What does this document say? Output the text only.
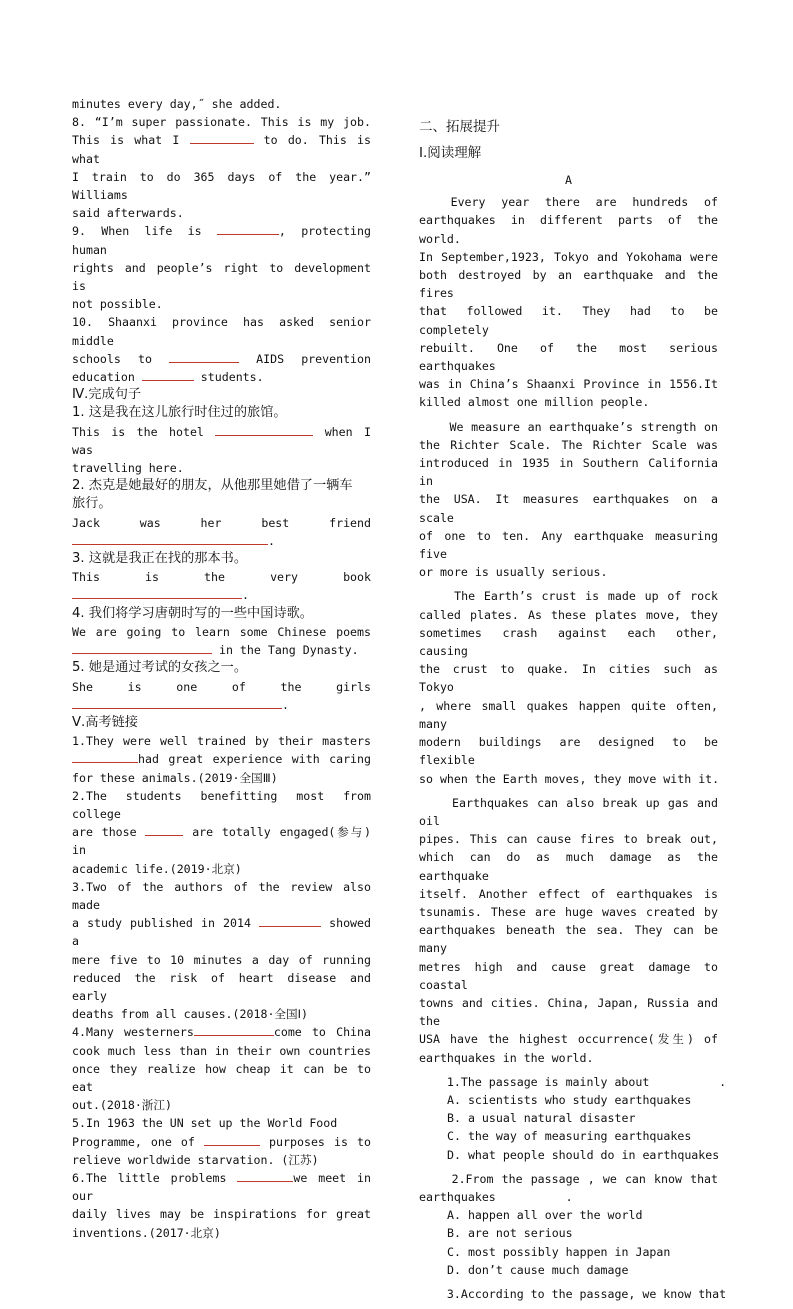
minutes every day,˝ she added.
8. “I’m super passionate. This is my job.
This is what I	to do. This is what
I train to do 365 days of the year.” Williams
said afterwards.
9. When life is	, protecting human
rights and people’s right to development is
not possible.
10. Shaanxi province has asked senior middle
schools to	AIDS prevention
education	students.
Ⅳ.完成句子
1. 这是我在这儿旅行时住过的旅馆。
This is the hotel	when I was
travelling here.
2. 杰克是她最好的朋友，从他那里她借了一辆车
旅行。
Jack was her best friend
.
3. 这就是我正在找的那本书。
This is the very book
.
4. 我们将学习唐朝时写的一些中国诗歌。
We are going to learn some Chinese poems
in the Tang Dynasty.
5. 她是通过考试的女孩之一。
She is one of the girls
.
Ⅴ.高考链接
1.They were well trained by their masters
had great experience with caring
for these animals.(2019·全国Ⅲ)
2.The students benefitting most from college
are those	are totally engaged(参与) in
academic life.(2019·北京)
3.Two of the authors of the review also made
a study published in 2014	showed a
mere five to 10 minutes a day of running
reduced the risk of heart disease and early
deaths from all causes.(2018·全国Ⅰ)
4.Many westerners	come to China
cook much less than in their own countries
once they realize how cheap it can be to eat
out.(2018·浙江)
5.In 1963 the UN set up the World Food
Programme, one of	purposes is to
relieve worldwide starvation. (江苏)
6.The little problems	we meet in our
daily lives may be inspirations for great
inventions.(2017·北京)
二、拓展提升
Ⅰ.阅读理解
A
Every  year  there  are  hundreds  of
earthquakes in different parts of the world.
In September,1923, Tokyo and Yokohama were
both destroyed by an earthquake and the fires
that followed it. They had to be completely
rebuilt. One of the most serious earthquakes
was in China’s Shaanxi Province in 1556.It
killed almost one million people.
We measure an earthquake’s strength on
the Richter Scale. The Richter Scale was
introduced in 1935 in Southern California in
the USA. It measures earthquakes on a scale
of one to ten. Any earthquake measuring five
or more is usually serious.
The Earth’s crust is made up of rock
called plates. As these plates move, they
sometimes crash against each other, causing
the crust to quake. In cities such as Tokyo
, where small quakes happen quite often, many
modern buildings are designed to be flexible
so when the Earth moves, they move with it.
Earthquakes can also break up gas and oil
pipes. This can cause fires to break out,
which can do as much damage as the earthquake
itself. Another effect of earthquakes is
tsunamis. These are huge waves created by
earthquakes beneath the sea. They can be many
metres high and cause great damage to coastal
towns and cities. China, Japan, Russia and the
USA have the highest occurrence(发生) of
earthquakes in the world.
1.The passage is mainly about          .
A. scientists who study earthquakes
B. a usual natural disaster
C. the way of measuring earthquakes
D. what people should do in earthquakes
2.From the passage , we can know that
earthquakes          .
A. happen all over the world
B. are not serious
C. most possibly happen in Japan
D. don’t cause much damage
3.According to the passage, we know that
